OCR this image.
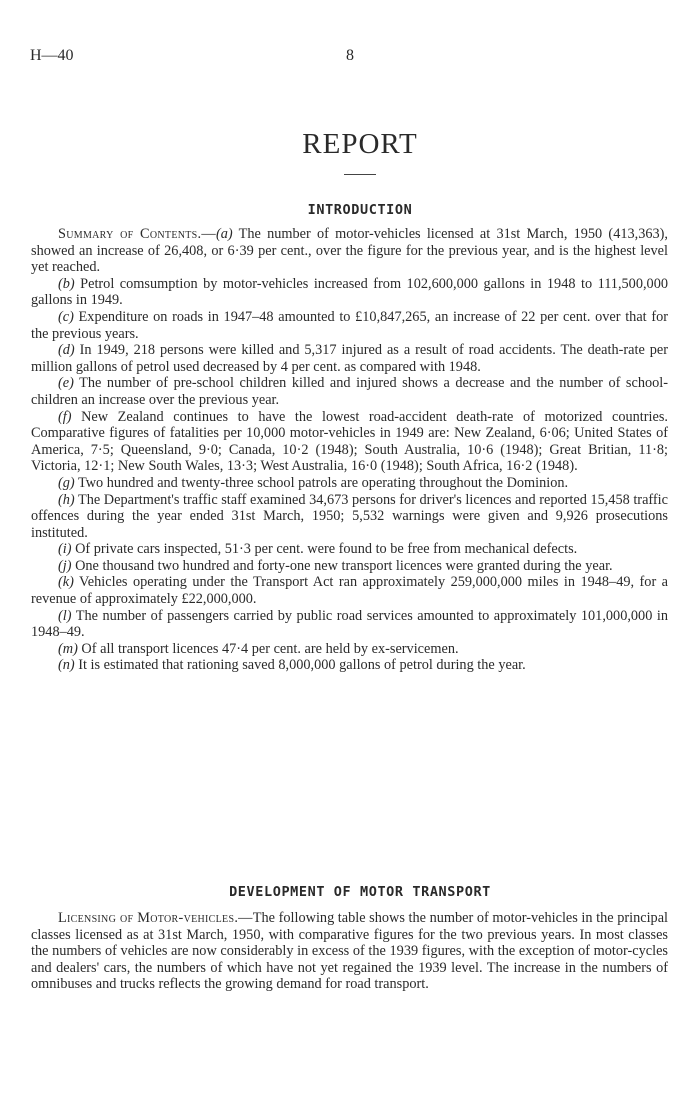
H—40	8
REPORT
INTRODUCTION

Summary of Contents.—(a) The number of motor-vehicles licensed at 31st March, 1950 (413,363), showed an increase of 26,408, or 6·39 per cent., over the figure for the previous year, and is the highest level yet reached.

(b) Petrol comsumption by motor-vehicles increased from 102,600,000 gallons in 1948 to 111,500,000 gallons in 1949.

(c) Expenditure on roads in 1947–48 amounted to £10,847,265, an increase of 22 per cent. over that for the previous years.

(d) In 1949, 218 persons were killed and 5,317 injured as a result of road accidents. The death-rate per million gallons of petrol used decreased by 4 per cent. as compared with 1948.

(e) The number of pre-school children killed and injured shows a decrease and the number of school-children an increase over the previous year.

(f) New Zealand continues to have the lowest road-accident death-rate of motorized countries. Comparative figures of fatalities per 10,000 motor-vehicles in 1949 are: New Zealand, 6·06; United States of America, 7·5; Queensland, 9·0; Canada, 10·2 (1948); South Australia, 10·6 (1948); Great Britian, 11·8; Victoria, 12·1; New South Wales, 13·3; West Australia, 16·0 (1948); South Africa, 16·2 (1948).

(g) Two hundred and twenty-three school patrols are operating throughout the Dominion.

(h) The Department's traffic staff examined 34,673 persons for driver's licences and reported 15,458 traffic offences during the year ended 31st March, 1950; 5,532 warnings were given and 9,926 prosecutions instituted.

(i) Of private cars inspected, 51·3 per cent. were found to be free from mechanical defects.

(j) One thousand two hundred and forty-one new transport licences were granted during the year.

(k) Vehicles operating under the Transport Act ran approximately 259,000,000 miles in 1948–49, for a revenue of approximately £22,000,000.

(l) The number of passengers carried by public road services amounted to approximately 101,000,000 in 1948–49.

(m) Of all transport licences 47·4 per cent. are held by ex-servicemen.

(n) It is estimated that rationing saved 8,000,000 gallons of petrol during the year.

DEVELOPMENT OF MOTOR TRANSPORT

Licensing of Motor-vehicles.—The following table shows the number of motor-vehicles in the principal classes licensed as at 31st March, 1950, with comparative figures for the two previous years. In most classes the numbers of vehicles are now considerably in excess of the 1939 figures, with the exception of motor-cycles and dealers' cars, the numbers of which have not yet regained the 1939 level. The increase in the numbers of omnibuses and trucks reflects the growing demand for road transport.
